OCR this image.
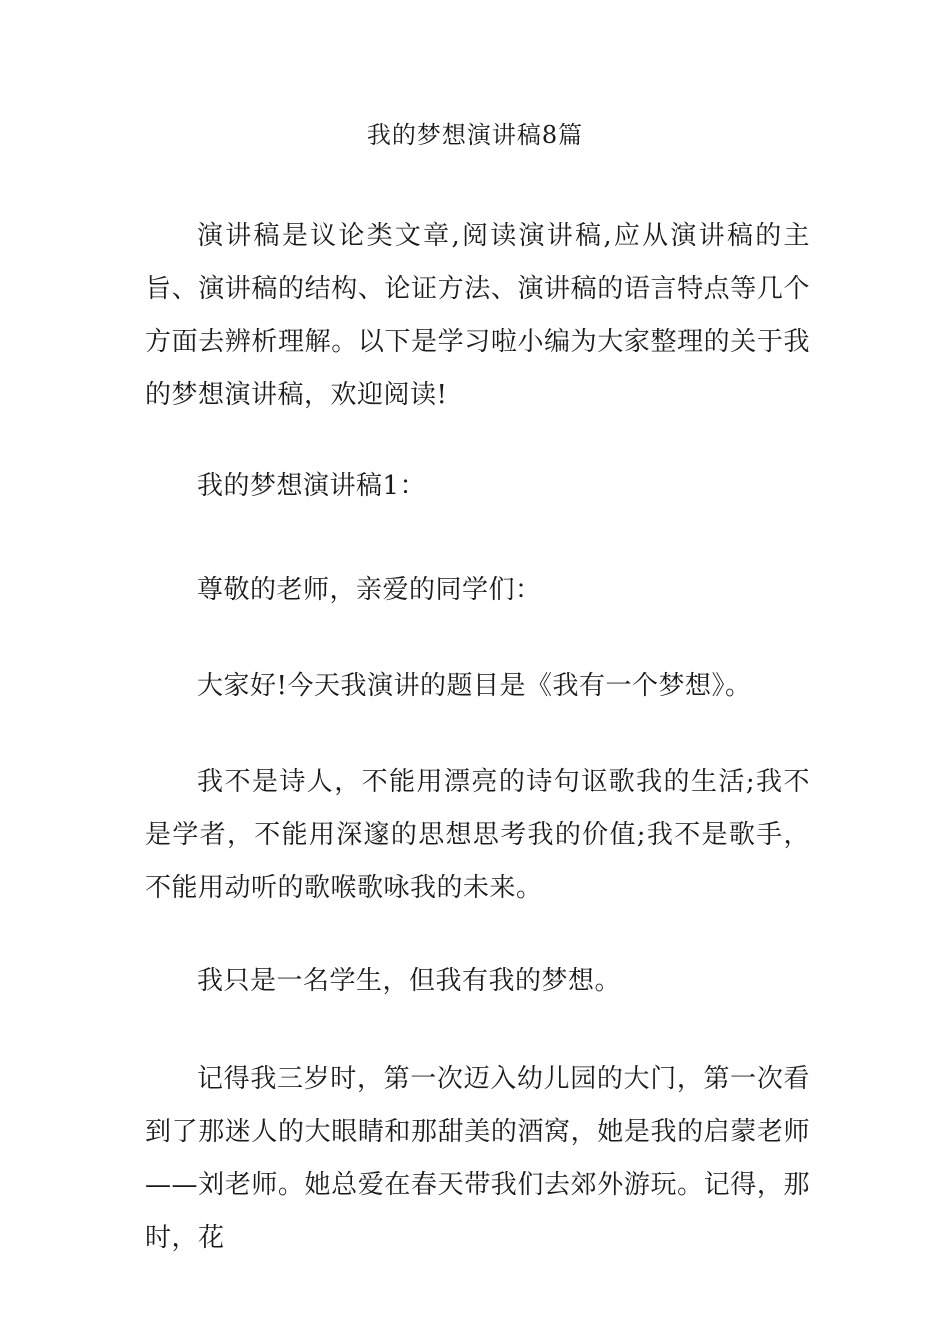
我的梦想演讲稿8篇

演讲稿是议论类文章,阅读演讲稿,应从演讲稿的主旨、演讲稿的结构、论证方法、演讲稿的语言特点等几个方面去辨析理解。以下是学习啦小编为大家整理的关于我的梦想演讲稿，欢迎阅读!

我的梦想演讲稿1：

尊敬的老师，亲爱的同学们：

大家好!今天我演讲的题目是《我有一个梦想》。

我不是诗人，不能用漂亮的诗句讴歌我的生活;我不是学者，不能用深邃的思想思考我的价值;我不是歌手，不能用动听的歌喉歌咏我的未来。

我只是一名学生，但我有我的梦想。

记得我三岁时，第一次迈入幼儿园的大门，第一次看到了那迷人的大眼睛和那甜美的酒窝，她是我的启蒙老师——刘老师。她总爱在春天带我们去郊外游玩。记得，那时，花
